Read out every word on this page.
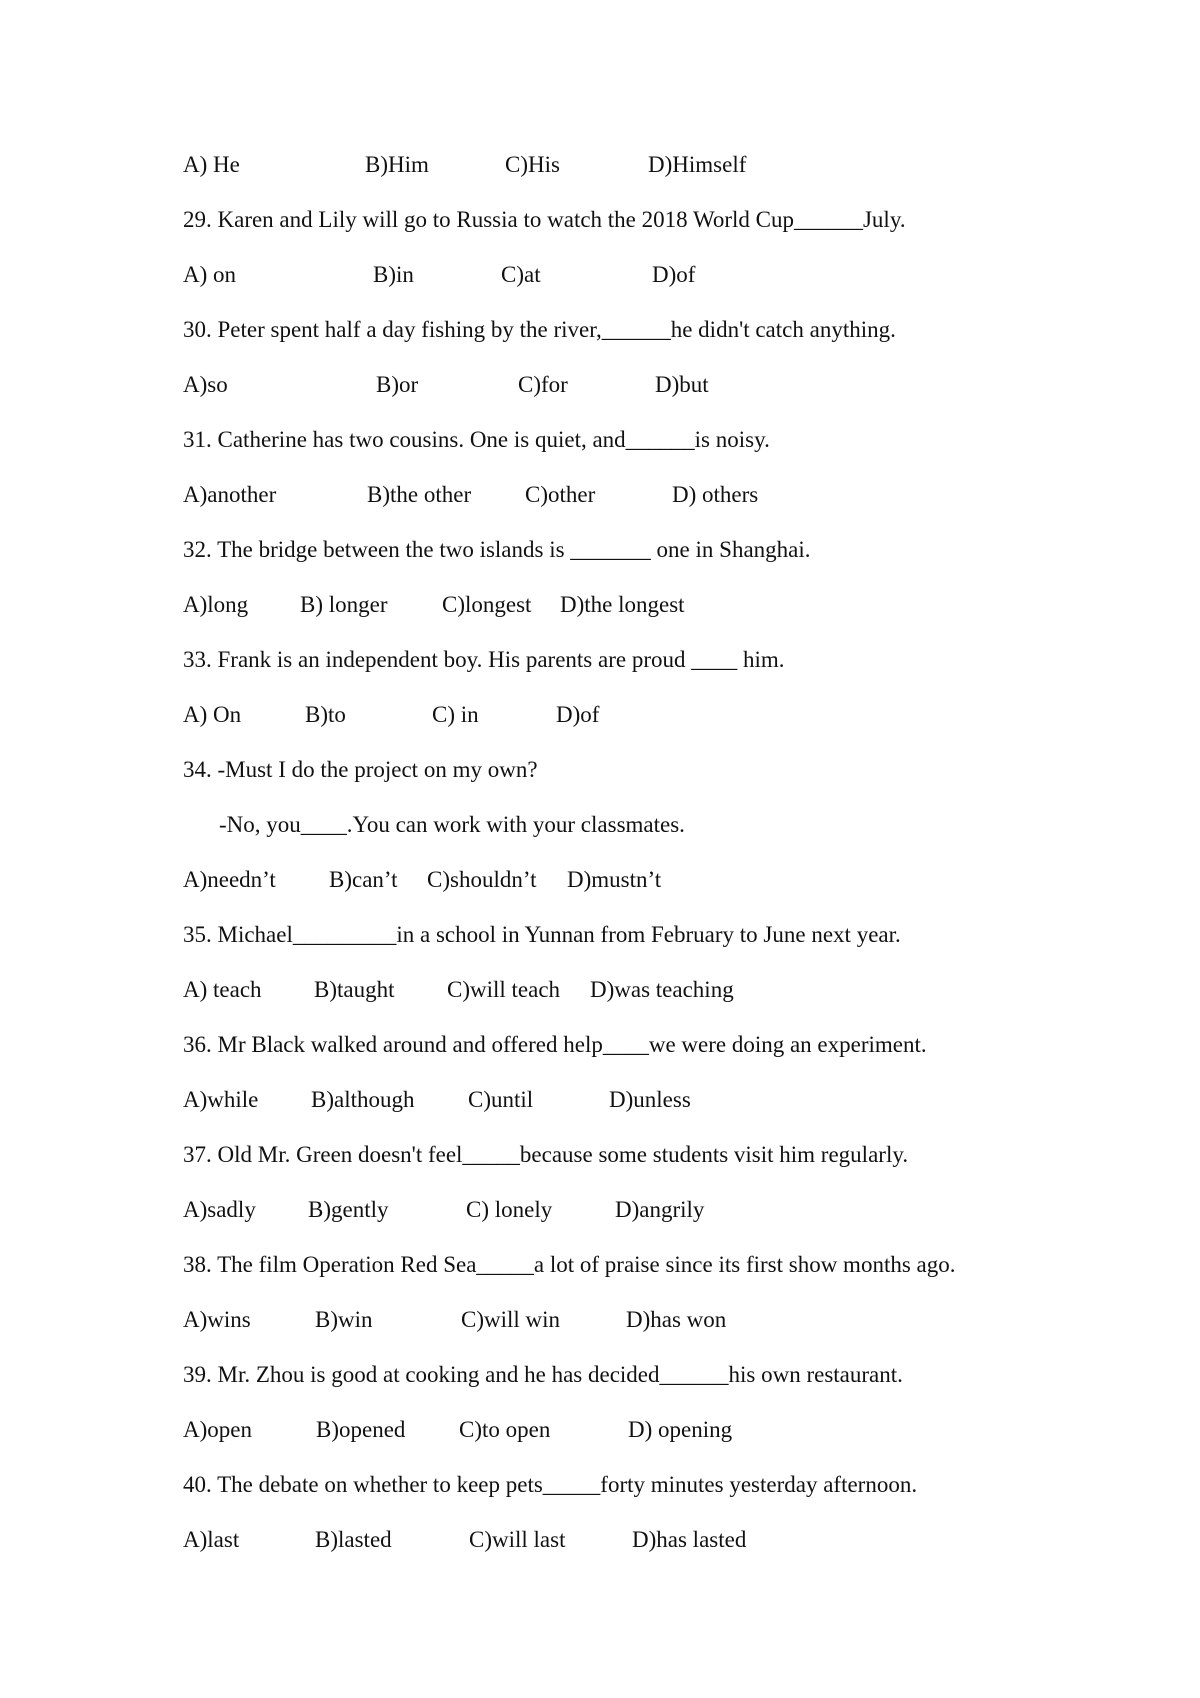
A) He	B)Him	C)His	D)Himself
29. Karen and Lily will go to Russia to watch the 2018 World Cup______July.
A) on	B)in	C)at	D)of
30. Peter spent half a day fishing by the river,______he didn't catch anything.
A)so	B)or	C)for	D)but
31. Catherine has two cousins. One is quiet, and______is noisy.
A)another	B)the other C)other	D) others
32. The bridge between the two islands is _______ one in Shanghai.
A)long B) longer C)longest D)the longest
33. Frank is an independent boy. His parents are proud ____ him.
A) On	B)to	C) in	D)of
34. -Must I do the project on my own?
-No, you____.You can work with your classmates.
A)needn’t B)can’t C)shouldn’t D)mustn’t
35. Michael_________in a school in Yunnan from February to June next year.
A) teach B)taught C)will teach D)was teaching
36. Mr Black walked around and offered help____we were doing an experiment.
A)while B)although C)until	D)unless
37. Old Mr. Green doesn't feel_____because some students visit him regularly.
A)sadly B)gently	C) lonely	D)angrily
38. The film Operation Red Sea_____a lot of praise since its first show months ago.
A)wins	B)win	C)will win	D)has won
39. Mr. Zhou is good at cooking and he has decided______his own restaurant.
A)open	B)opened C)to open	D) opening
40. The debate on whether to keep pets_____forty minutes yesterday afternoon.
A)last	B)lasted	C)will last	D)has lasted
